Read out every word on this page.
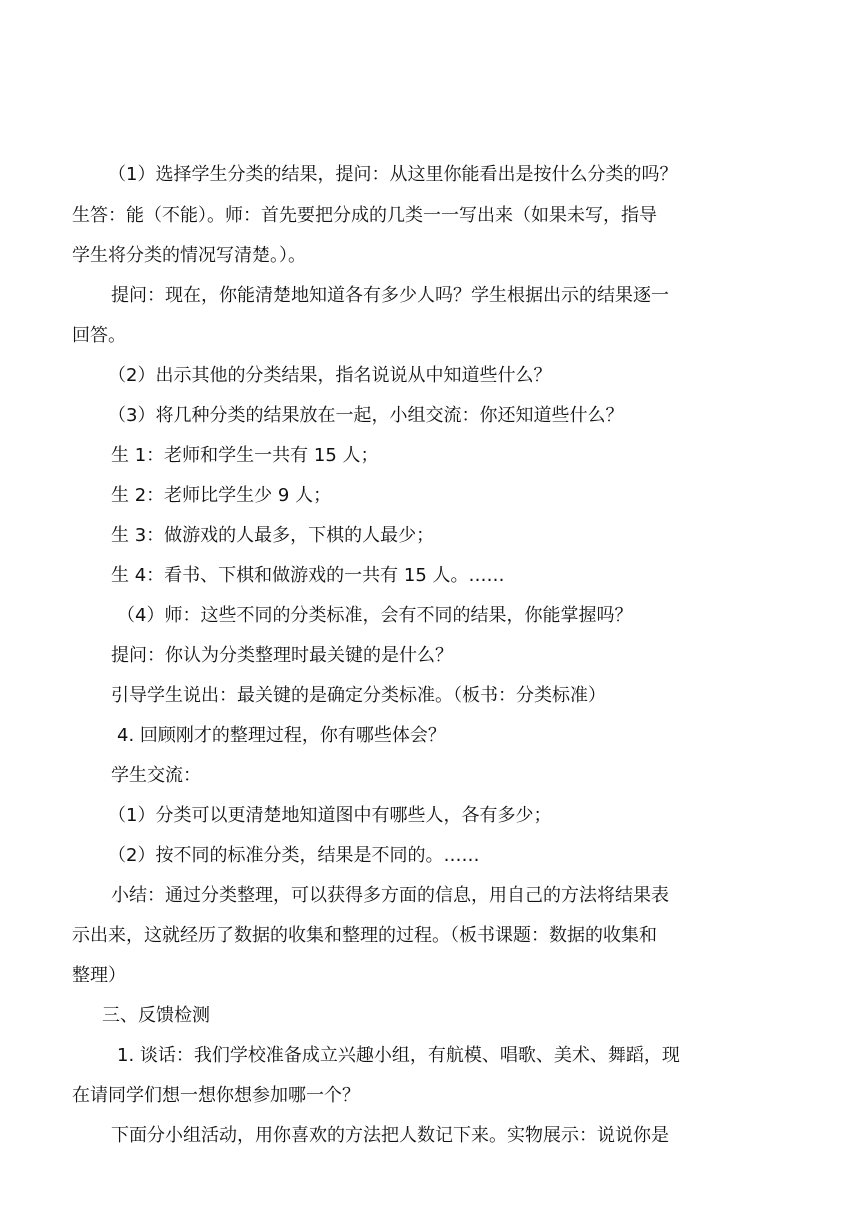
（1）选择学生分类的结果，提问：从这里你能看出是按什么分类的吗？
生答：能（不能）。师：首先要把分成的几类一一写出来（如果未写，指导
学生将分类的情况写清楚。）。
提问：现在，你能清楚地知道各有多少人吗？学生根据出示的结果逐一
回答。
（2）出示其他的分类结果，指名说说从中知道些什么？
（3）将几种分类的结果放在一起，小组交流：你还知道些什么？
生 1：老师和学生一共有 15 人；
生 2：老师比学生少 9 人；
生 3：做游戏的人最多，下棋的人最少；
生 4：看书、下棋和做游戏的一共有 15 人。……
（4）师：这些不同的分类标准，会有不同的结果，你能掌握吗？
提问：你认为分类整理时最关键的是什么？
引导学生说出：最关键的是确定分类标准。（板书：分类标准）
4. 回顾刚才的整理过程，你有哪些体会？
学生交流：
（1）分类可以更清楚地知道图中有哪些人，各有多少；
（2）按不同的标准分类，结果是不同的。……
小结：通过分类整理，可以获得多方面的信息，用自己的方法将结果表
示出来，这就经历了数据的收集和整理的过程。（板书课题：数据的收集和
整理）
三、反馈检测
1. 谈话：我们学校准备成立兴趣小组，有航模、唱歌、美术、舞蹈，现
在请同学们想一想你想参加哪一个？
下面分小组活动，用你喜欢的方法把人数记下来。实物展示：说说你是
